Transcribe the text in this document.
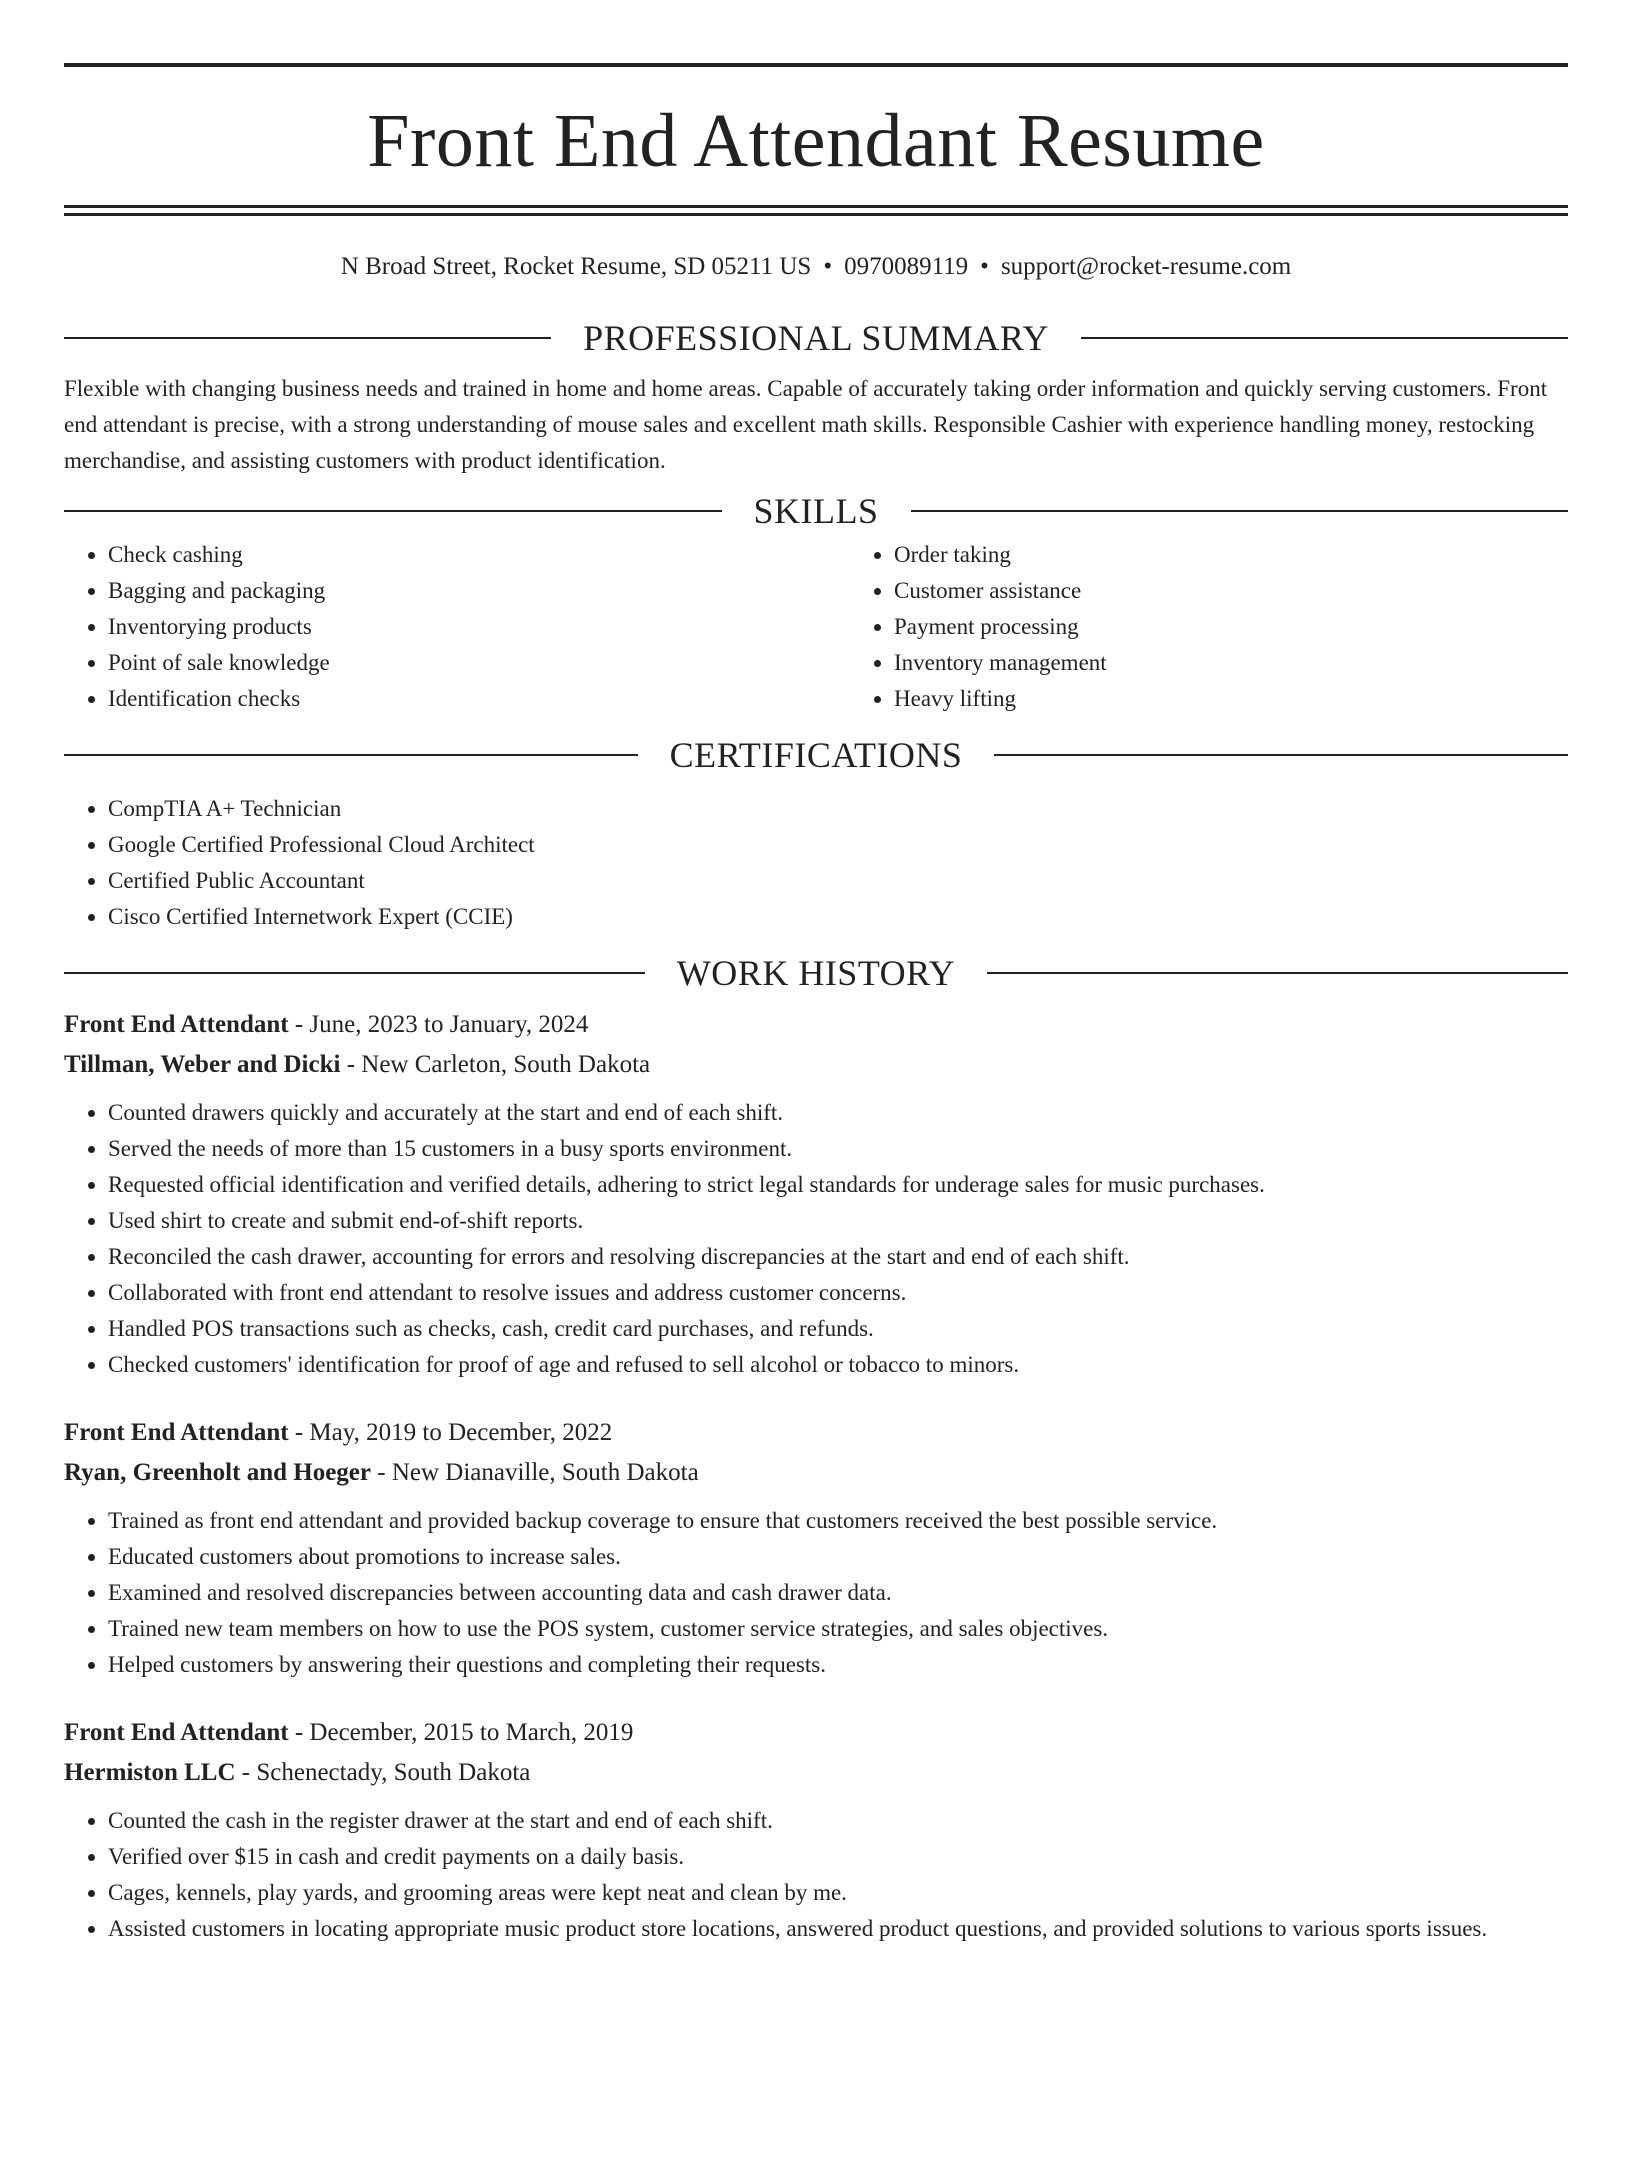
Front End Attendant Resume
N Broad Street, Rocket Resume, SD 05211 US • 0970089119 • support@rocket-resume.com
PROFESSIONAL SUMMARY

Flexible with changing business needs and trained in home and home areas. Capable of accurately taking order information and quickly serving customers. Front end attendant is precise, with a strong understanding of mouse sales and excellent math skills. Responsible Cashier with experience handling money, restocking merchandise, and assisting customers with product identification.

SKILLS
• Check cashing
• Bagging and packaging
• Inventorying products
• Point of sale knowledge
• Identification checks
• Order taking
• Customer assistance
• Payment processing
• Inventory management
• Heavy lifting
CERTIFICATIONS
• CompTIA A+ Technician
• Google Certified Professional Cloud Architect
• Certified Public Accountant
• Cisco Certified Internetwork Expert (CCIE)
WORK HISTORY
Front End Attendant - June, 2023 to January, 2024
Tillman, Weber and Dicki - New Carleton, South Dakota
• Counted drawers quickly and accurately at the start and end of each shift.
• Served the needs of more than 15 customers in a busy sports environment.
• Requested official identification and verified details, adhering to strict legal standards for underage sales for music purchases.
• Used shirt to create and submit end-of-shift reports.
• Reconciled the cash drawer, accounting for errors and resolving discrepancies at the start and end of each shift.
• Collaborated with front end attendant to resolve issues and address customer concerns.
• Handled POS transactions such as checks, cash, credit card purchases, and refunds.
• Checked customers' identification for proof of age and refused to sell alcohol or tobacco to minors.
Front End Attendant - May, 2019 to December, 2022
Ryan, Greenholt and Hoeger - New Dianaville, South Dakota
• Trained as front end attendant and provided backup coverage to ensure that customers received the best possible service.
• Educated customers about promotions to increase sales.
• Examined and resolved discrepancies between accounting data and cash drawer data.
• Trained new team members on how to use the POS system, customer service strategies, and sales objectives.
• Helped customers by answering their questions and completing their requests.
Front End Attendant - December, 2015 to March, 2019
Hermiston LLC - Schenectady, South Dakota
• Counted the cash in the register drawer at the start and end of each shift.
• Verified over $15 in cash and credit payments on a daily basis.
• Cages, kennels, play yards, and grooming areas were kept neat and clean by me.
• Assisted customers in locating appropriate music product store locations, answered product questions, and provided solutions to various sports issues.
